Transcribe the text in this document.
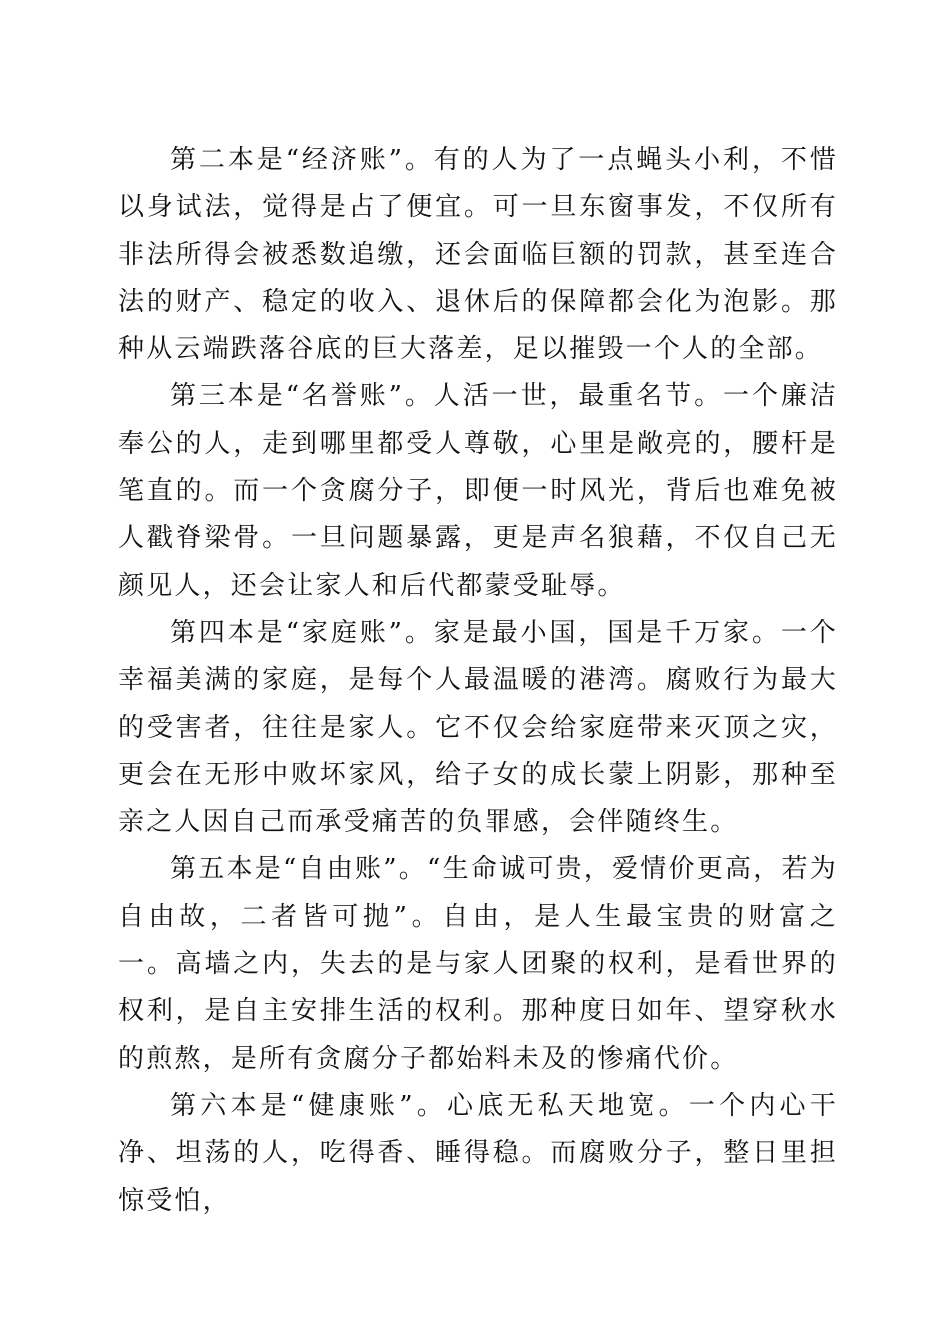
第二本是“经济账”。有的人为了一点蝇头小利，不惜以身试法，觉得是占了便宜。可一旦东窗事发，不仅所有非法所得会被悉数追缴，还会面临巨额的罚款，甚至连合法的财产、稳定的收入、退休后的保障都会化为泡影。那种从云端跌落谷底的巨大落差，足以摧毁一个人的全部。

第三本是“名誉账”。人活一世，最重名节。一个廉洁奉公的人，走到哪里都受人尊敬，心里是敞亮的，腰杆是笔直的。而一个贪腐分子，即便一时风光，背后也难免被人戳脊梁骨。一旦问题暴露，更是声名狼藉，不仅自己无颜见人，还会让家人和后代都蒙受耻辱。

第四本是“家庭账”。家是最小国，国是千万家。一个幸福美满的家庭，是每个人最温暖的港湾。腐败行为最大的受害者，往往是家人。它不仅会给家庭带来灭顶之灾，更会在无形中败坏家风，给子女的成长蒙上阴影，那种至亲之人因自己而承受痛苦的负罪感，会伴随终生。

第五本是“自由账”。“生命诚可贵，爱情价更高，若为自由故，二者皆可抛”。自由，是人生最宝贵的财富之一。高墙之内，失去的是与家人团聚的权利，是看世界的权利，是自主安排生活的权利。那种度日如年、望穿秋水的煎熬，是所有贪腐分子都始料未及的惨痛代价。

第六本是“健康账”。心底无私天地宽。一个内心干净、坦荡的人，吃得香、睡得稳。而腐败分子，整日里担惊受怕，
